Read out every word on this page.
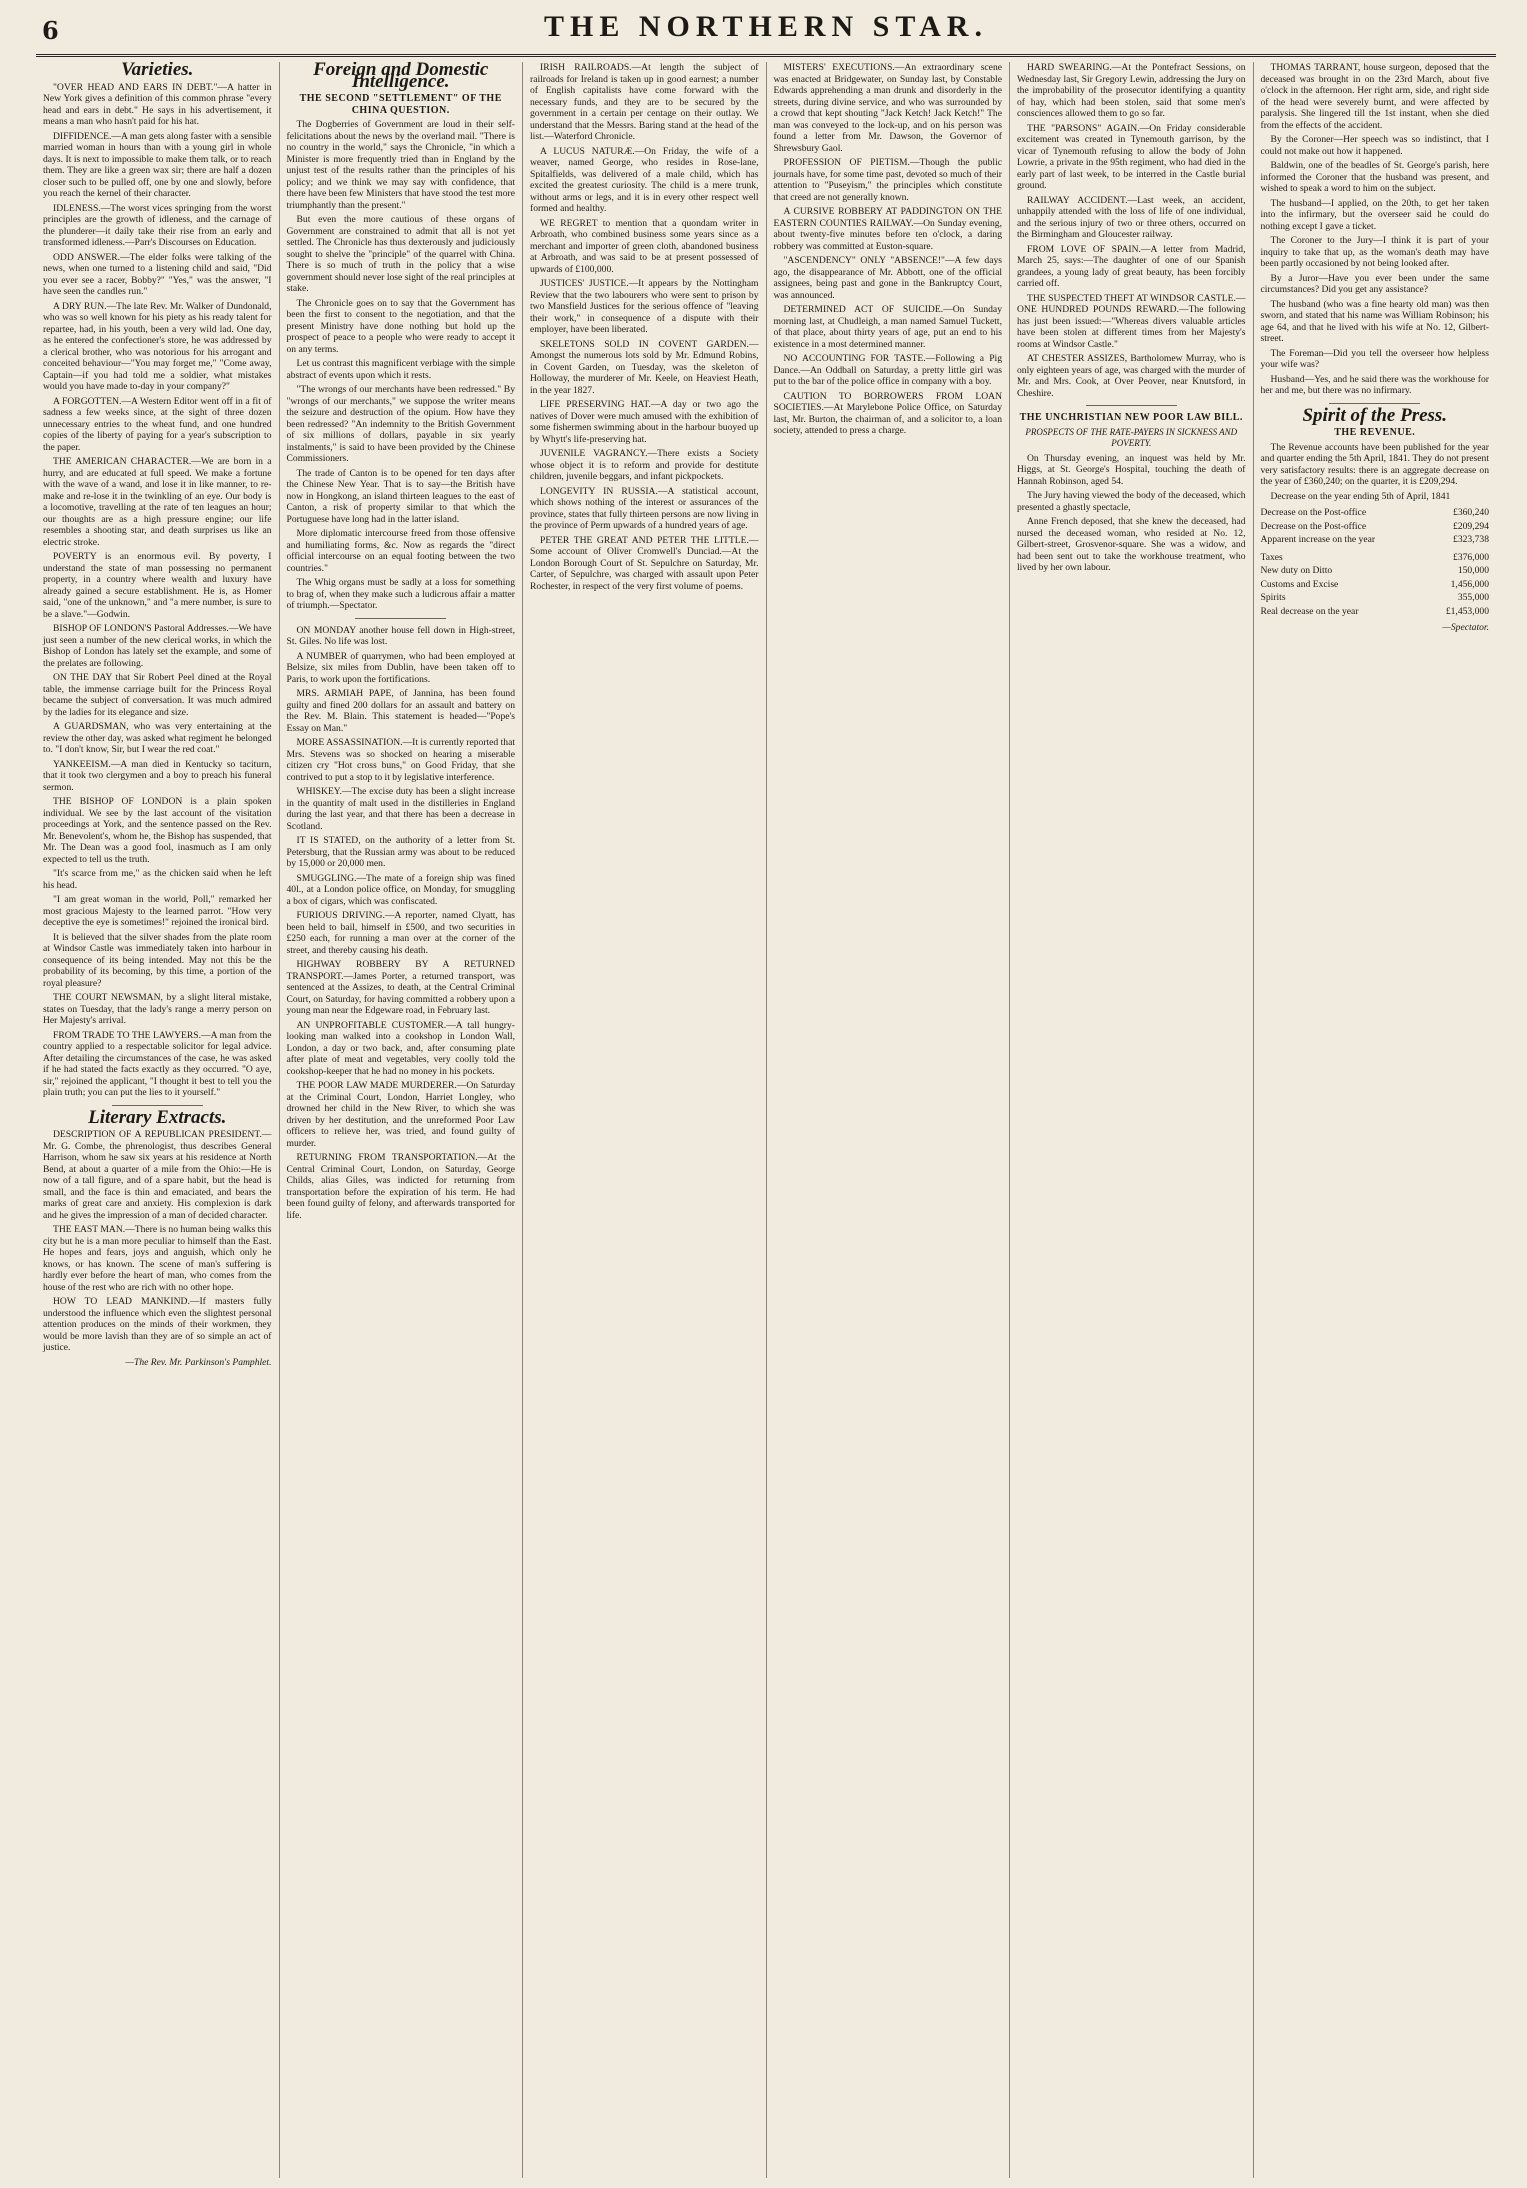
6	THE NORTHERN STAR.
Varieties.

"OVER HEAD AND EARS IN DEBT."—A hatter in New York gives a definition of this common phrase "every head and ears in debt." He says in his advertisement, it means a man who hasn't paid for his hat.

DIFFIDENCE.—A man gets along faster with a sensible married woman in hours than with a young girl in whole days. It is next to impossible to make them talk, or to reach them. They are like a green wax sir; there are half a dozen closer such to be pulled off, one by one and slowly, before you reach the kernel of their character.

IDLENESS.—The worst vices springing from the worst principles are the growth of idleness, and the carnage of the plunderer—it daily take their rise from an early and transformed idleness.—Parr's Discourses on Education.

ODD ANSWER.—The elder folks were talking of the news, when one turned to a listening child and said, "Did you ever see a racer, Bobby?" "Yes," was the answer, "I have seen the candles run."

A DRY RUN.—The late Rev. Mr. Walker of Dundonald, who was so well known for his piety as his ready talent for repartee, had, in his youth, been a very wild lad. One day, as he entered the confectioner's store, he was addressed by a clerical brother, who was notorious for his arrogant and conceited behaviour—"You may forget me," "Come away, Captain—if you had told me a soldier, what mistakes would you have made to-day in your company?"

A FORGOTTEN.—A Western Editor went off in a fit of sadness a few weeks since, at the sight of three dozen unnecessary entries to the wheat fund, and one hundred copies of the liberty of paying for a year's subscription to the paper.

THE AMERICAN CHARACTER.—We are born in a hurry, and are educated at full speed. We make a fortune with the wave of a wand, and lose it in like manner, to re-make and re-lose it in the twinkling of an eye. Our body is a locomotive, travelling at the rate of ten leagues an hour; our thoughts are as a high pressure engine; our life resembles a shooting star, and death surprises us like an electric stroke.

POVERTY is an enormous evil. By poverty, I understand the state of man possessing no permanent property, in a country where wealth and luxury have already gained a secure establishment. He is, as Homer said, "one of the unknown," and "a mere number, is sure to be a slave."—Godwin.

BISHOP OF LONDON'S Pastoral Addresses.—We have just seen a number of the new clerical works, in which the Bishop of London has lately set the example, and some of the prelates are following.

ON THE DAY that Sir Robert Peel dined at the Royal table, the immense carriage built for the Princess Royal became the subject of conversation. It was much admired by the ladies for its elegance and size.

A GUARDSMAN, who was very entertaining at the review the other day, was asked what regiment he belonged to. "I don't know, Sir, but I wear the red coat."

YANKEEISM.—A man died in Kentucky so taciturn, that it took two clergymen and a boy to preach his funeral sermon.

THE BISHOP OF LONDON is a plain spoken individual. We see by the last account of the visitation proceedings at York, and the sentence passed on the Rev. Mr. Benevolent's, whom he, the Bishop has suspended, that Mr. The Dean was a good fool, inasmuch as I am only expected to tell us the truth.

"It's scarce from me," as the chicken said when he left his head.

"I am great woman in the world, Poll," remarked her most gracious Majesty to the learned parrot. "How very deceptive the eye is sometimes!" rejoined the ironical bird.

It is believed that the silver shades from the plate room at Windsor Castle was immediately taken into harbour in consequence of its being intended. May not this be the probability of its becoming, by this time, a portion of the royal pleasure?

THE COURT NEWSMAN, by a slight literal mistake, states on Tuesday, that the lady's range a merry person on Her Majesty's arrival.

FROM TRADE TO THE LAWYERS.—A man from the country applied to a respectable solicitor for legal advice. After detailing the circumstances of the case, he was asked if he had stated the facts exactly as they occurred. "O aye, sir," rejoined the applicant, "I thought it best to tell you the plain truth; you can put the lies to it yourself."

Literary Extracts.

DESCRIPTION OF A REPUBLICAN PRESIDENT.—Mr. G. Combe, the phrenologist, thus describes General Harrison, whom he saw six years at his residence at North Bend, at about a quarter of a mile from the Ohio:—He is now of a tall figure, and of a spare habit, but the head is small, and the face is thin and emaciated, and bears the marks of great care and anxiety. His complexion is dark and he gives the impression of a man of decided character.

THE EAST MAN.—There is no human being walks this city but he is a man more peculiar to himself than the East. He hopes and fears, joys and anguish, which only he knows, or has known. The scene of man's suffering is hardly ever before the heart of man, who comes from the house of the rest who are rich with no other hope.

HOW TO LEAD MANKIND.—If masters fully understood the influence which even the slightest personal attention produces on the minds of their workmen, they would be more lavish than they are of so simple an act of justice.

—The Rev. Mr. Parkinson's Pamphlet.

Foreign and Domestic Intelligence.

THE SECOND "SETTLEMENT" OF THE CHINA QUESTION.

The Dogberries of Government are loud in their self-felicitations about the news by the overland mail. "There is no country in the world," says the Chronicle, "in which a Minister is more frequently tried than in England by the unjust test of the results rather than the principles of his policy; and we think we may say with confidence, that there have been few Ministers that have stood the test more triumphantly than the present."

But even the more cautious of these organs of Government are constrained to admit that all is not yet settled. The Chronicle has thus dexterously and judiciously sought to shelve the "principle" of the quarrel with China. There is so much of truth in the policy that a wise government should never lose sight of the real principles at stake.

The Chronicle goes on to say that the Government has been the first to consent to the negotiation, and that the present Ministry have done nothing but hold up the prospect of peace to a people who were ready to accept it on any terms.

Let us contrast this magnificent verbiage with the simple abstract of events upon which it rests.

"The wrongs of our merchants have been redressed." By "wrongs of our merchants," we suppose the writer means the seizure and destruction of the opium. How have they been redressed? "An indemnity to the British Government of six millions of dollars, payable in six yearly instalments," is said to have been provided by the Chinese Commissioners.

The trade of Canton is to be opened for ten days after the Chinese New Year. That is to say—the British have now in Hongkong, an island thirteen leagues to the east of Canton, a risk of property similar to that which the Portuguese have long had in the latter island.

More diplomatic intercourse freed from those offensive and humiliating forms, &c. Now as regards the "direct official intercourse on an equal footing between the two countries."

The Whig organs must be sadly at a loss for something to brag of, when they make such a ludicrous affair a matter of triumph.—Spectator.

ON MONDAY another house fell down in High-street, St. Giles. No life was lost.

A NUMBER of quarrymen, who had been employed at Belsize, six miles from Dublin, have been taken off to Paris, to work upon the fortifications.

MRS. ARMIAH PAPE, of Jannina, has been found guilty and fined 200 dollars for an assault and battery on the Rev. M. Blain. This statement is headed—"Pope's Essay on Man."

MORE ASSASSINATION.—It is currently reported that Mrs. Stevens was so shocked on hearing a miserable citizen cry "Hot cross buns," on Good Friday, that she contrived to put a stop to it by legislative interference.

WHISKEY.—The excise duty has been a slight increase in the quantity of malt used in the distilleries in England during the last year, and that there has been a decrease in Scotland.

IT IS STATED, on the authority of a letter from St. Petersburg, that the Russian army was about to be reduced by 15,000 or 20,000 men.

SMUGGLING.—The mate of a foreign ship was fined 40l., at a London police office, on Monday, for smuggling a box of cigars, which was confiscated.

FURIOUS DRIVING.—A reporter, named Clyatt, has been held to bail, himself in £500, and two securities in £250 each, for running a man over at the corner of the street, and thereby causing his death.

HIGHWAY ROBBERY BY A RETURNED TRANSPORT.—James Porter, a returned transport, was sentenced at the Assizes, to death, at the Central Criminal Court, on Saturday, for having committed a robbery upon a young man near the Edgeware road, in February last.

AN UNPROFITABLE CUSTOMER.—A tall hungry-looking man walked into a cookshop in London Wall, London, a day or two back, and, after consuming plate after plate of meat and vegetables, very coolly told the cookshop-keeper that he had no money in his pockets.

THE POOR LAW MADE MURDERER.—On Saturday at the Criminal Court, London, Harriet Longley, who drowned her child in the New River, to which she was driven by her destitution, and the unreformed Poor Law officers to relieve her, was tried, and found guilty of murder.

RETURNING FROM TRANSPORTATION.—At the Central Criminal Court, London, on Saturday, George Childs, alias Giles, was indicted for returning from transportation before the expiration of his term. He had been found guilty of felony, and afterwards transported for life.

IRISH RAILROADS.—At length the subject of railroads for Ireland is taken up in good earnest; a number of English capitalists have come forward with the necessary funds, and they are to be secured by the government in a certain per centage on their outlay. We understand that the Messrs. Baring stand at the head of the list.—Waterford Chronicle.

A LUCUS NATURÆ.—On Friday, the wife of a weaver, named George, who resides in Rose-lane, Spitalfields, was delivered of a male child, which has excited the greatest curiosity. The child is a mere trunk, without arms or legs, and it is in every other respect well formed and healthy.

WE REGRET to mention that a quondam writer in Arbroath, who combined business some years since as a merchant and importer of green cloth, abandoned business at Arbroath, and was said to be at present possessed of upwards of £100,000.

JUSTICES' JUSTICE.—It appears by the Nottingham Review that the two labourers who were sent to prison by two Mansfield Justices for the serious offence of "leaving their work," in consequence of a dispute with their employer, have been liberated.

SKELETONS SOLD IN COVENT GARDEN.—Amongst the numerous lots sold by Mr. Edmund Robins, in Covent Garden, on Tuesday, was the skeleton of Holloway, the murderer of Mr. Keele, on Heaviest Heath, in the year 1827.

LIFE PRESERVING HAT.—A day or two ago the natives of Dover were much amused with the exhibition of some fishermen swimming about in the harbour buoyed up by Whytt's life-preserving hat.

JUVENILE VAGRANCY.—There exists a Society whose object it is to reform and provide for destitute children, juvenile beggars, and infant pickpockets.

LONGEVITY IN RUSSIA.—A statistical account, which shows nothing of the interest or assurances of the province, states that fully thirteen persons are now living in the province of Perm upwards of a hundred years of age.

PETER THE GREAT AND PETER THE LITTLE.—Some account of Oliver Cromwell's Dunciad.—At the London Borough Court of St. Sepulchre on Saturday, Mr. Carter, of Sepulchre, was charged with assault upon Peter Rochester, in respect of the very first volume of poems.

MISTERS' EXECUTIONS.—An extraordinary scene was enacted at Bridgewater, on Sunday last, by Constable Edwards apprehending a man drunk and disorderly in the streets, during divine service, and who was surrounded by a crowd that kept shouting "Jack Ketch! Jack Ketch!" The man was conveyed to the lock-up, and on his person was found a letter from Mr. Dawson, the Governor of Shrewsbury Gaol.

PROFESSION OF PIETISM.—Though the public journals have, for some time past, devoted so much of their attention to "Puseyism," the principles which constitute that creed are not generally known.

A CURSIVE ROBBERY AT PADDINGTON ON THE EASTERN COUNTIES RAILWAY.—On Sunday evening, about twenty-five minutes before ten o'clock, a daring robbery was committed at Euston-square.

"ASCENDENCY" ONLY "ABSENCE!"—A few days ago, the disappearance of Mr. Abbott, one of the official assignees, being past and gone in the Bankruptcy Court, was announced.

DETERMINED ACT OF SUICIDE.—On Sunday morning last, at Chudleigh, a man named Samuel Tuckett, of that place, about thirty years of age, put an end to his existence in a most determined manner.

NO ACCOUNTING FOR TASTE.—Following a Pig Dance.—An Oddball on Saturday, a pretty little girl was put to the bar of the police office in company with a boy.

CAUTION TO BORROWERS FROM LOAN SOCIETIES.—At Marylebone Police Office, on Saturday last, Mr. Burton, the chairman of, and a solicitor to, a loan society, attended to press a charge.

HARD SWEARING.—At the Pontefract Sessions, on Wednesday last, Sir Gregory Lewin, addressing the Jury on the improbability of the prosecutor identifying a quantity of hay, which had been stolen, said that some men's consciences allowed them to go so far.

THE "PARSONS" AGAIN.—On Friday considerable excitement was created in Tynemouth garrison, by the vicar of Tynemouth refusing to allow the body of John Lowrie, a private in the 95th regiment, who had died in the early part of last week, to be interred in the Castle burial ground.

RAILWAY ACCIDENT.—Last week, an accident, unhappily attended with the loss of life of one individual, and the serious injury of two or three others, occurred on the Birmingham and Gloucester railway.

FROM LOVE OF SPAIN.—A letter from Madrid, March 25, says:—The daughter of one of our Spanish grandees, a young lady of great beauty, has been forcibly carried off.

THE SUSPECTED THEFT AT WINDSOR CASTLE.—ONE HUNDRED POUNDS REWARD.—The following has just been issued:—"Whereas divers valuable articles have been stolen at different times from her Majesty's rooms at Windsor Castle."

AT CHESTER ASSIZES, Bartholomew Murray, who is only eighteen years of age, was charged with the murder of Mr. and Mrs. Cook, at Over Peover, near Knutsford, in Cheshire.

THE UNCHRISTIAN NEW POOR LAW BILL.

PROSPECTS OF THE RATE-PAYERS IN SICKNESS AND POVERTY.

On Thursday evening, an inquest was held by Mr. Higgs, at St. George's Hospital, touching the death of Hannah Robinson, aged 54.

The Jury having viewed the body of the deceased, which presented a ghastly spectacle,

Anne French deposed, that she knew the deceased, had nursed the deceased woman, who resided at No. 12, Gilbert-street, Grosvenor-square. She was a widow, and had been sent out to take the workhouse treatment, who lived by her own labour.

THOMAS TARRANT, house surgeon, deposed that the deceased was brought in on the 23rd March, about five o'clock in the afternoon. Her right arm, side, and right side of the head were severely burnt, and were affected by paralysis. She lingered till the 1st instant, when she died from the effects of the accident.

By the Coroner—Her speech was so indistinct, that I could not make out how it happened.

Baldwin, one of the beadles of St. George's parish, here informed the Coroner that the husband was present, and wished to speak a word to him on the subject.

The husband—I applied, on the 20th, to get her taken into the infirmary, but the overseer said he could do nothing except I gave a ticket.

The Coroner to the Jury—I think it is part of your inquiry to take that up, as the woman's death may have been partly occasioned by not being looked after.

By a Juror—Have you ever been under the same circumstances? Did you get any assistance?

The husband (who was a fine hearty old man) was then sworn, and stated that his name was William Robinson; his age 64, and that he lived with his wife at No. 12, Gilbert-street.

The Foreman—Did you tell the overseer how helpless your wife was?

Husband—Yes, and he said there was the workhouse for her and me, but there was no infirmary.

Spirit of the Press.

THE REVENUE.

The Revenue accounts have been published for the year and quarter ending the 5th April, 1841. They do not present very satisfactory results: there is an aggregate decrease on the year of £360,240; on the quarter, it is £209,294.

Decrease on the year ending 5th of April, 1841

Decrease on the Post-office	£360,240
Decrease on the Post-office	£209,294
Apparent increase on the year	£323,738
Taxes	£376,000
New duty on Ditto	150,000
Customs and Excise	1,456,000
Spirits	355,000
Real decrease on the year	£1,453,000

—Spectator.
